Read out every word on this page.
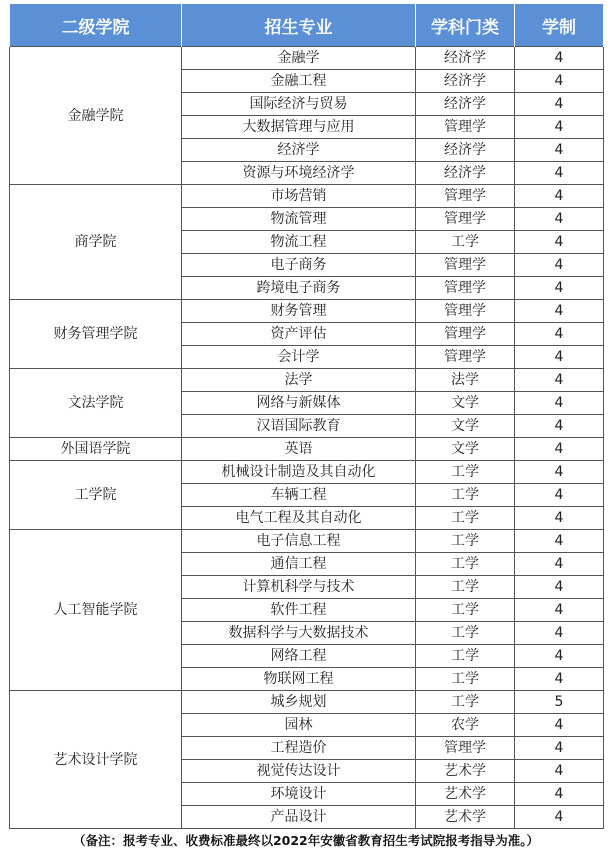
二级学院	招生专业	学科门类	学制
金融学院	金融学	经济学	4
	金融工程	经济学	4
	国际经济与贸易	经济学	4
	大数据管理与应用	管理学	4
	经济学	经济学	4
	资源与环境经济学	经济学	4
商学院	市场营销	管理学	4
	物流管理	管理学	4
	物流工程	工学	4
	电子商务	管理学	4
	跨境电子商务	管理学	4
财务管理学院	财务管理	管理学	4
	资产评估	管理学	4
	会计学	管理学	4
文法学院	法学	法学	4
	网络与新媒体	文学	4
	汉语国际教育	文学	4
外国语学院	英语	文学	4
工学院	机械设计制造及其自动化	工学	4
	车辆工程	工学	4
	电气工程及其自动化	工学	4
人工智能学院	电子信息工程	工学	4
	通信工程	工学	4
	计算机科学与技术	工学	4
	软件工程	工学	4
	数据科学与大数据技术	工学	4
	网络工程	工学	4
	物联网工程	工学	4
艺术设计学院	城乡规划	工学	5
	园林	农学	4
	工程造价	管理学	4
	视觉传达设计	艺术学	4
	环境设计	艺术学	4
	产品设计	艺术学	4
（备注：报考专业、收费标准最终以2022年安徽省教育招生考试院报考指导为准。）
